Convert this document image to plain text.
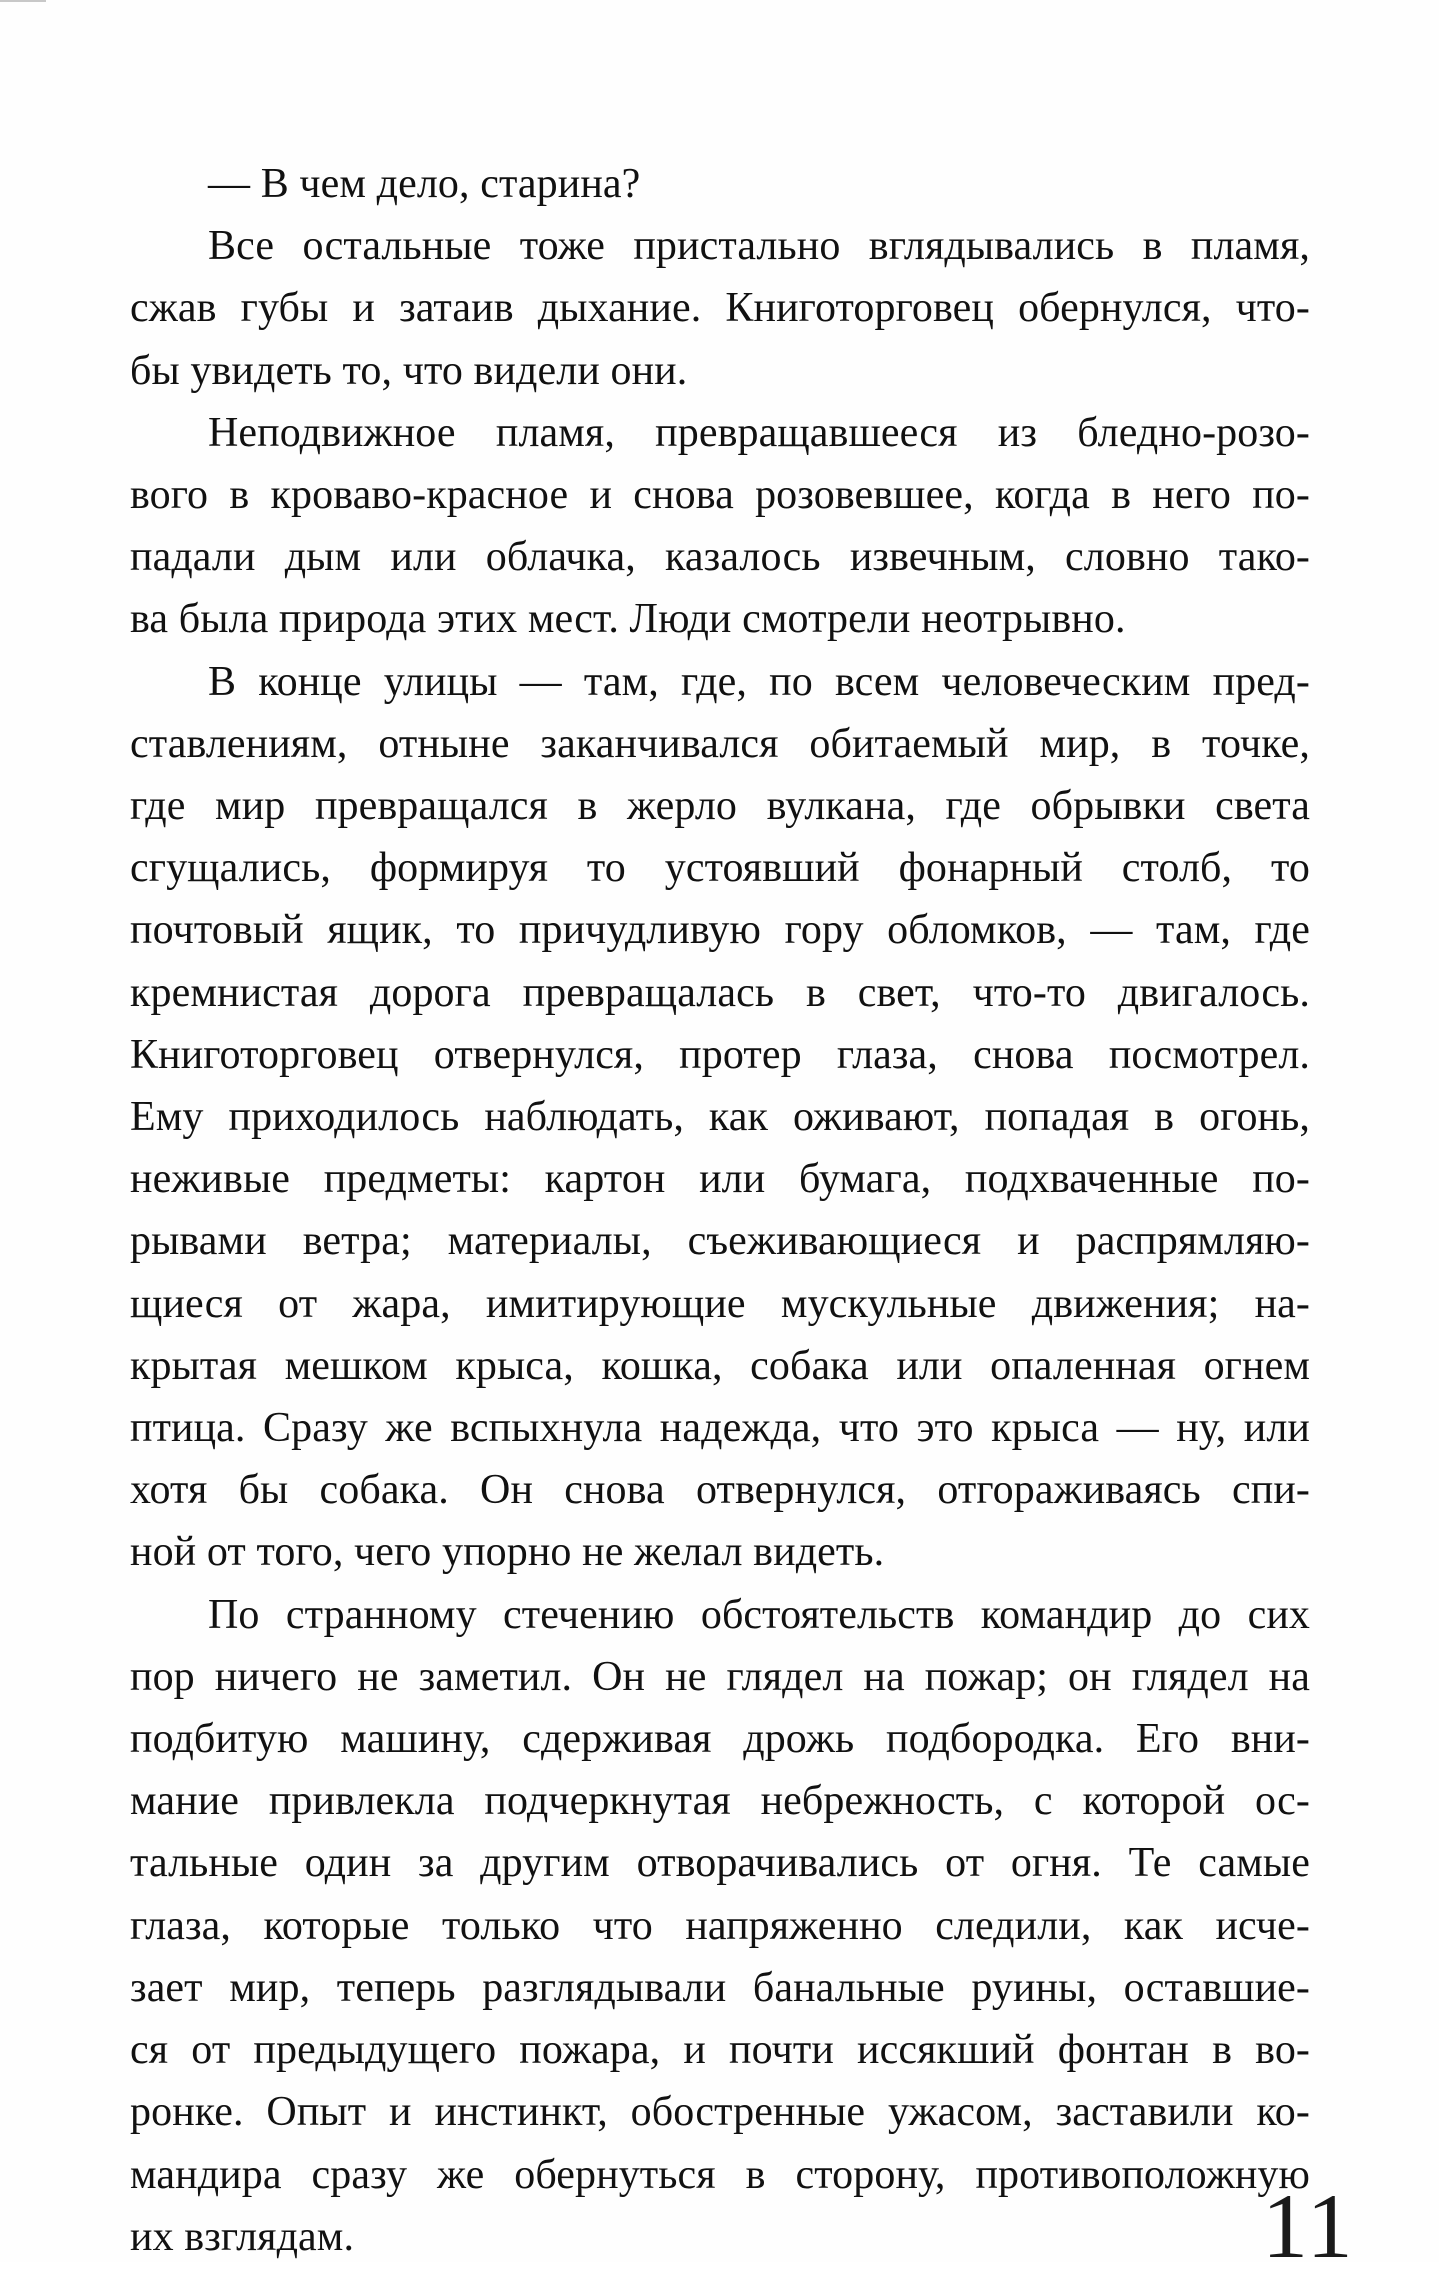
— В чем дело, старина?
Все остальные тоже пристально вглядывались в пламя,
сжав губы и затаив дыхание. Книготорговец обернулся, что-
бы увидеть то, что видели они.
Неподвижное пламя, превращавшееся из бледно-розо-
вого в кроваво-красное и снова розовевшее, когда в него по-
падали дым или облачка, казалось извечным, словно тако-
ва была природа этих мест. Люди смотрели неотрывно.
В конце улицы — там, где, по всем человеческим пред-
ставлениям, отныне заканчивался обитаемый мир, в точке,
где мир превращался в жерло вулкана, где обрывки света
сгущались, формируя то устоявший фонарный столб, то
почтовый ящик, то причудливую гору обломков, — там, где
кремнистая дорога превращалась в свет, что-то двигалось.
Книготорговец отвернулся, протер глаза, снова посмотрел.
Ему приходилось наблюдать, как оживают, попадая в огонь,
неживые предметы: картон или бумага, подхваченные по-
рывами ветра; материалы, съеживающиеся и распрямляю-
щиеся от жара, имитирующие мускульные движения; на-
крытая мешком крыса, кошка, собака или опаленная огнем
птица. Сразу же вспыхнула надежда, что это крыса — ну, или
хотя бы собака. Он снова отвернулся, отгораживаясь спи-
ной от того, чего упорно не желал видеть.
По странному стечению обстоятельств командир до сих
пор ничего не заметил. Он не глядел на пожар; он глядел на
подбитую машину, сдерживая дрожь подбородка. Его вни-
мание привлекла подчеркнутая небрежность, с которой ос-
тальные один за другим отворачивались от огня. Те самые
глаза, которые только что напряженно следили, как исче-
зает мир, теперь разглядывали банальные руины, оставшие-
ся от предыдущего пожара, и почти иссякший фонтан в во-
ронке. Опыт и инстинкт, обостренные ужасом, заставили ко-
мандира сразу же обернуться в сторону, противоположную
их взглядам.	11
